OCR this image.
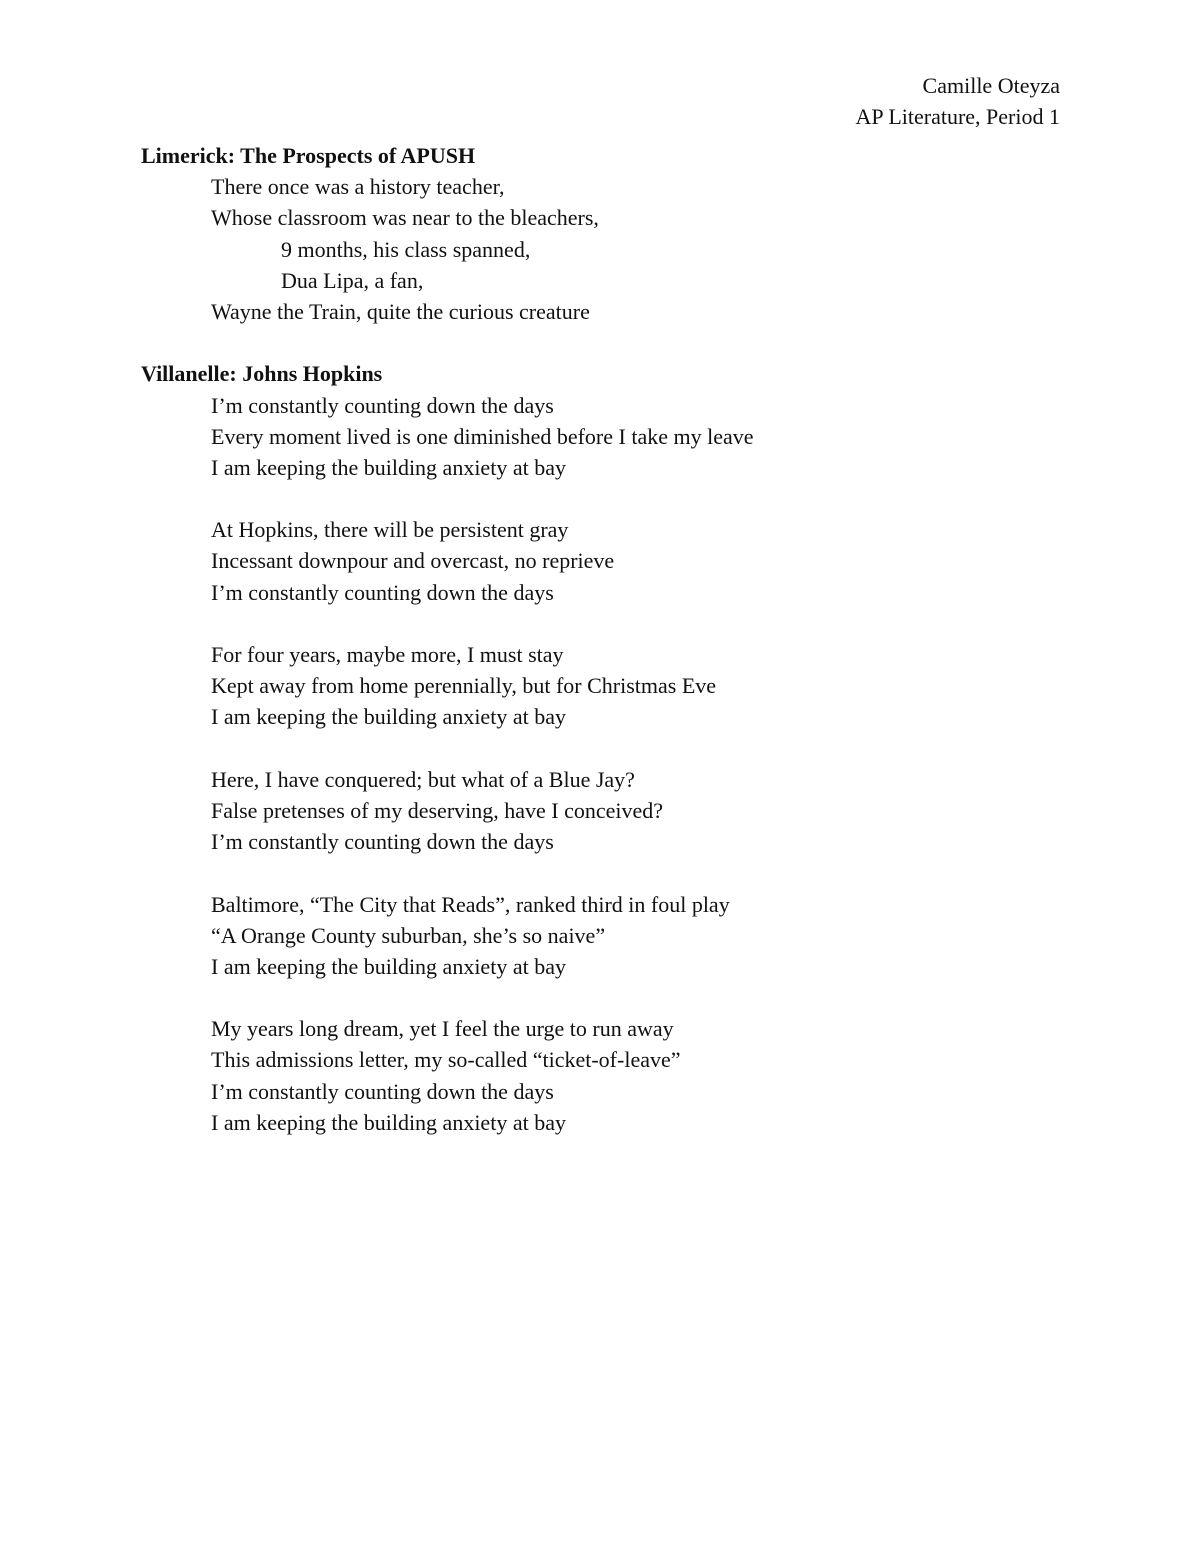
Camille Oteyza
AP Literature, Period 1
Limerick: The Prospects of APUSH
There once was a history teacher,
Whose classroom was near to the bleachers,
9 months, his class spanned,
Dua Lipa, a fan,
Wayne the Train, quite the curious creature
Villanelle: Johns Hopkins
I’m constantly counting down the days
Every moment lived is one diminished before I take my leave
I am keeping the building anxiety at bay
At Hopkins, there will be persistent gray
Incessant downpour and overcast, no reprieve
I’m constantly counting down the days
For four years, maybe more, I must stay
Kept away from home perennially, but for Christmas Eve
I am keeping the building anxiety at bay
Here, I have conquered; but what of a Blue Jay?
False pretenses of my deserving, have I conceived?
I’m constantly counting down the days
Baltimore, “The City that Reads”, ranked third in foul play
“A Orange County suburban, she’s so naive”
I am keeping the building anxiety at bay
My years long dream, yet I feel the urge to run away
This admissions letter, my so-called “ticket-of-leave”
I’m constantly counting down the days
I am keeping the building anxiety at bay
